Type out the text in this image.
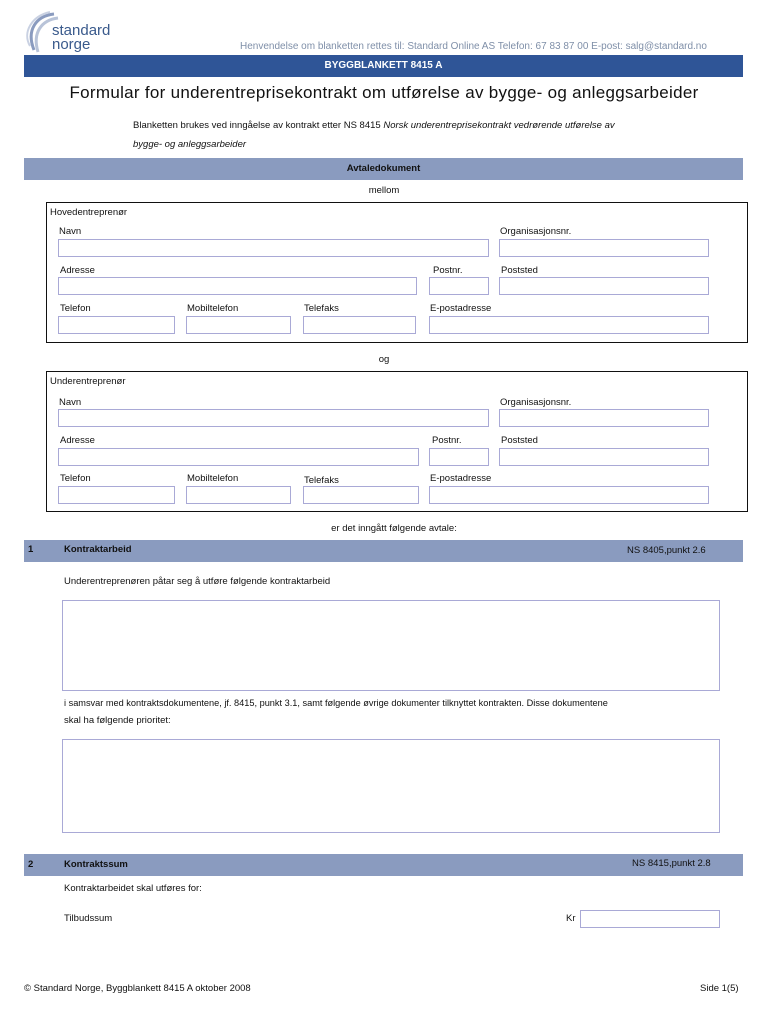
standard
norge	Henvendelse om blanketten rettes til: Standard Online AS Telefon: 67 83 87 00 E-post: salg@standard.no
BYGGBLANKETT 8415 A
Formular for underentreprisekontrakt om utførelse av bygge- og anleggsarbeider
Blanketten brukes ved inngåelse av kontrakt etter NS 8415 Norsk underentreprisekontrakt vedrørende utførelse av
bygge- og anleggsarbeider
Avtaledokument
mellom
Hovedentreprenør
Navn	Organisasjonsnr.
Adresse	Postnr.	Poststed
Telefon	Mobiltelefon	Telefaks	E-postadresse
og
Underentreprenør
Navn	Organisasjonsnr.
Adresse	Postnr.	Poststed
Telefon	Mobiltelefon	Telefaks	E-postadresse
er det inngått følgende avtale:
1	Kontraktarbeid	NS 8405,punkt 2.6
Underentreprenøren påtar seg å utføre følgende kontraktarbeid
i samsvar med kontraktsdokumentene, jf. 8415, punkt 3.1, samt følgende øvrige dokumenter tilknyttet kontrakten. Disse dokumentene
skal ha følgende prioritet:
2	Kontraktssum	NS 8415,punkt 2.8
Kontraktarbeidet skal utføres for:
Tilbudssum	Kr
© Standard Norge, Byggblankett 8415 A oktober 2008	Side 1(5)
